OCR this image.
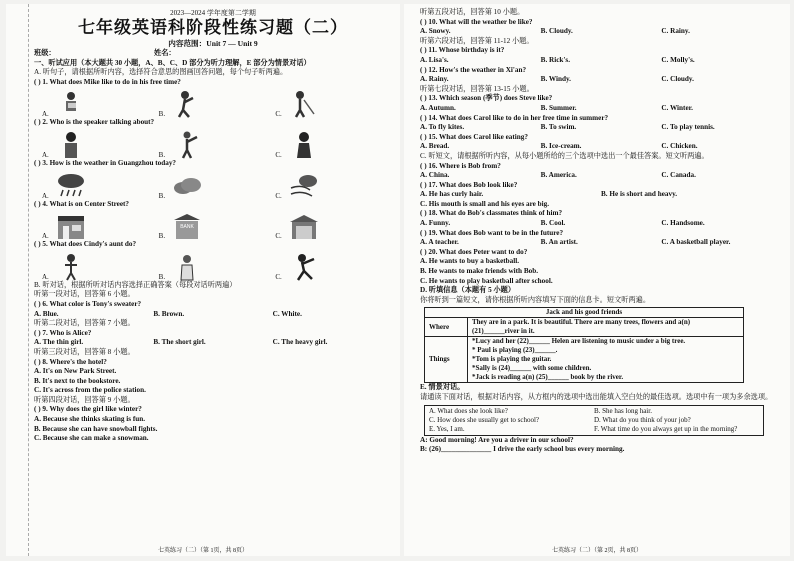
2023—2024 学年度第二学期
七年级英语科阶段性练习题（二）
内容范围：Unit 7 — Unit 9
班级：	姓名：
一、听试应用（本大题共 30 小题，A、B、C、D 部分为听力理解，E 部分为情景对话）
A. 听句子，请根据所听内容，选择符合意思的图画回答问题，每个句子听两遍。
( ) 1. What does Mike like to do in his free time?
A.	B.	C.
( ) 2. Who is the speaker talking about?
A.	B.	C.
( ) 3. How is the weather in Guangzhou today?
A.	B.	C.
( ) 4. What is on Center Street?
A.	B.
BANK
C.
( ) 5. What does Cindy's aunt do?
A.	B.	C.
B. 听对话，根据所听对话内容选择正确答案（每段对话听两遍）
听第一段对话，回答第 6 小题。
( ) 6. What color is Tony's sweater?
A. Blue.	B. Brown.	C. White.
听第二段对话，回答第 7 小题。
( ) 7. Who is Alice?
A. The thin girl.	B. The short girl.	C. The heavy girl.
听第三段对话，回答第 8 小题。
( ) 8. Where's the hotel?
A. It's on New Park Street.
B. It's next to the bookstore.
C. It's across from the police station.
听第四段对话，回答第 9 小题。
( ) 9. Why does the girl like winter?
A. Because she thinks skating is fun.
B. Because she can have snowball fights.
C. Because she can make a snowman.
七英练习（二）（第 1页，共 8页）
听第五段对话，回答第 10 小题。
( ) 10. What will the weather be like?
A. Snowy.	B. Cloudy.	C. Rainy.
听第六段对话，回答第 11-12 小题。
( ) 11. Whose birthday is it?
A. Lisa's.	B. Rick's.	C. Molly's.
( ) 12. How's the weather in Xi'an?
A. Rainy.	B. Windy.	C. Cloudy.
听第七段对话，回答第 13-15 小题。
( ) 13. Which season (季节) does Steve like?
A. Autumn.	B. Summer.	C. Winter.
( ) 14. What does Carol like to do in her free time in summer?
A. To fly kites.	B. To swim.	C. To play tennis.
( ) 15. What does Carol like eating?
A. Bread.	B. Ice-cream.	C. Chicken.
C. 听短文，请根据所听内容，从每小题所给的三个选项中选出一个最佳答案。短文听两遍。
( ) 16. Where is Bob from?
A. China.	B. America.	C. Canada.
( ) 17. What does Bob look like?
A. He has curly hair.	B. He is short and heavy.
C. His mouth is small and his eyes are big.
( ) 18. What do Bob's classmates think of him?
A. Funny.	B. Cool.	C. Handsome.
( ) 19. What does Bob want to be in the future?
A. A teacher.	B. An artist.	C. A basketball player.
( ) 20. What does Peter want to do?
A. He wants to buy a basketball.
B. He wants to make friends with Bob.
C. He wants to play basketball after school.
D. 听填信息（本题有 5 小题）
你将听到一篇短文，请你根据所听内容填写下面的信息卡。短文听两遍。
Jack and his good friends	
Where	They are in a park. It is beautiful. There are many trees, flowers and a(n)
(21)______river in it.

Things	*Lucy and her (22)______ Helen are listening to music under a big tree.
* Paul is playing (23)______.
*Tom is playing the guitar.
*Sally is (24)______ with some children.
*Jack is reading a(n) (25)______ book by the river.
E. 情景对话。
请通读下面对话，根据对话内容，从方框内的选项中选出能填入空白处的最佳选项。选项中有一项为多余选项。
A. What does she look like?	B. She has long hair.
C. How does she usually get to school?	D. What do you think of your job?
E. Yes, I am.	F. What time do you always get up in the morning?
A: Good morning! Are you a driver in our school?
B: (26)______________ I drive the early school bus every morning.
七英练习（二）（第 2页，共 8页）
